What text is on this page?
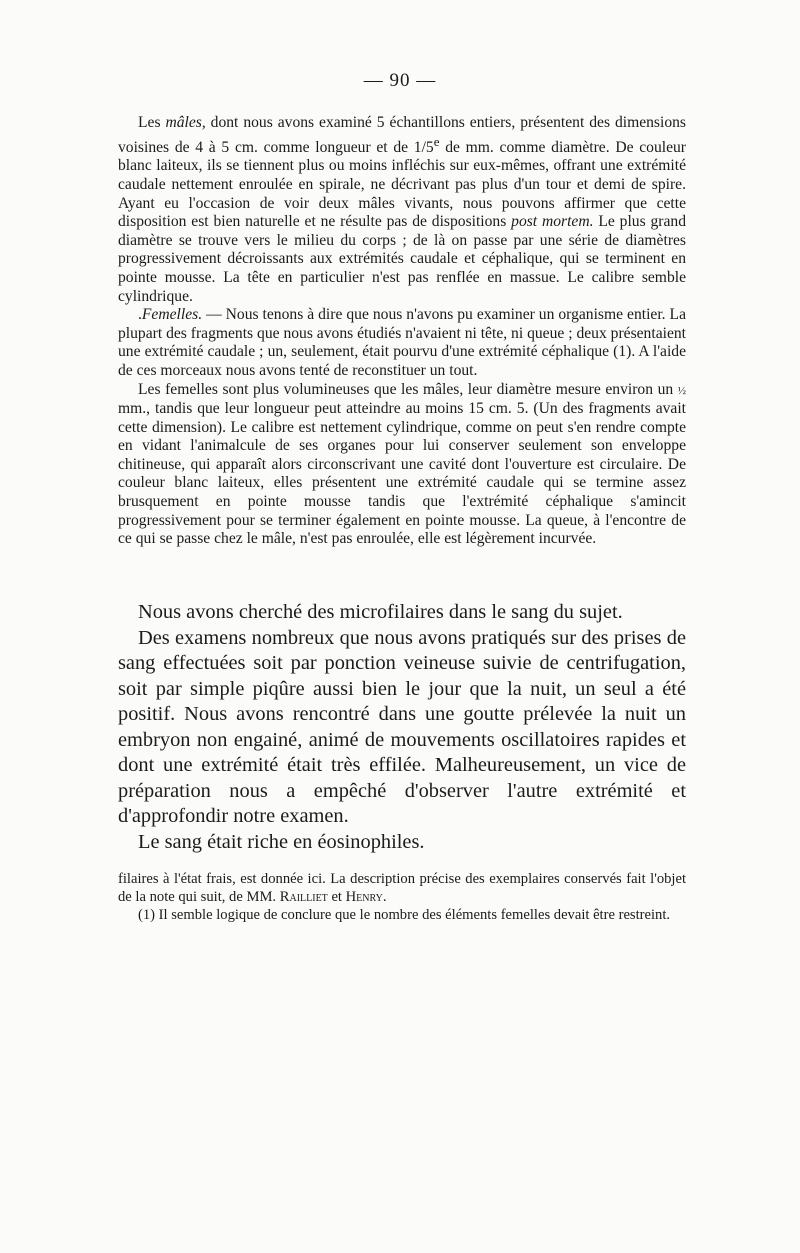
— 90 —

Les mâles, dont nous avons examiné 5 échantillons entiers, présentent des dimensions voisines de 4 à 5 cm. comme longueur et de 1/5e de mm. comme diamètre. De couleur blanc laiteux, ils se tiennent plus ou moins infléchis sur eux-mêmes, offrant une extrémité caudale nettement enroulée en spirale, ne décrivant pas plus d'un tour et demi de spire. Ayant eu l'occasion de voir deux mâles vivants, nous pouvons affirmer que cette disposition est bien naturelle et ne résulte pas de dispositions post mortem. Le plus grand diamètre se trouve vers le milieu du corps ; de là on passe par une série de diamètres progressivement décroissants aux extrémités caudale et céphalique, qui se terminent en pointe mousse. La tête en particulier n'est pas renflée en massue. Le calibre semble cylindrique.

.Femelles. — Nous tenons à dire que nous n'avons pu examiner un organisme entier. La plupart des fragments que nous avons étudiés n'avaient ni tête, ni queue ; deux présentaient une extrémité caudale ; un, seulement, était pourvu d'une extrémité céphalique (1). A l'aide de ces morceaux nous avons tenté de reconstituer un tout.

Les femelles sont plus volumineuses que les mâles, leur diamètre mesure environ un ½ mm., tandis que leur longueur peut atteindre au moins 15 cm. 5. (Un des fragments avait cette dimension). Le calibre est nettement cylindrique, comme on peut s'en rendre compte en vidant l'animalcule de ses organes pour lui conserver seulement son enveloppe chitineuse, qui apparaît alors circonscrivant une cavité dont l'ouverture est circulaire. De couleur blanc laiteux, elles présentent une extrémité caudale qui se termine assez brusquement en pointe mousse tandis que l'extrémité céphalique s'amincit progressivement pour se terminer également en pointe mousse. La queue, à l'encontre de ce qui se passe chez le mâle, n'est pas enroulée, elle est légèrement incurvée.

Nous avons cherché des microfilaires dans le sang du sujet.

Des examens nombreux que nous avons pratiqués sur des prises de sang effectuées soit par ponction veineuse suivie de centrifugation, soit par simple piqûre aussi bien le jour que la nuit, un seul a été positif. Nous avons rencontré dans une goutte prélevée la nuit un embryon non engainé, animé de mouvements oscillatoires rapides et dont une extrémité était très effilée. Malheureusement, un vice de préparation nous a empêché d'observer l'autre extrémité et d'approfondir notre examen.

Le sang était riche en éosinophiles.

filaires à l'état frais, est donnée ici. La description précise des exemplaires conservés fait l'objet de la note qui suit, de MM. Railliet et Henry.

(1) Il semble logique de conclure que le nombre des éléments femelles devait être restreint.
